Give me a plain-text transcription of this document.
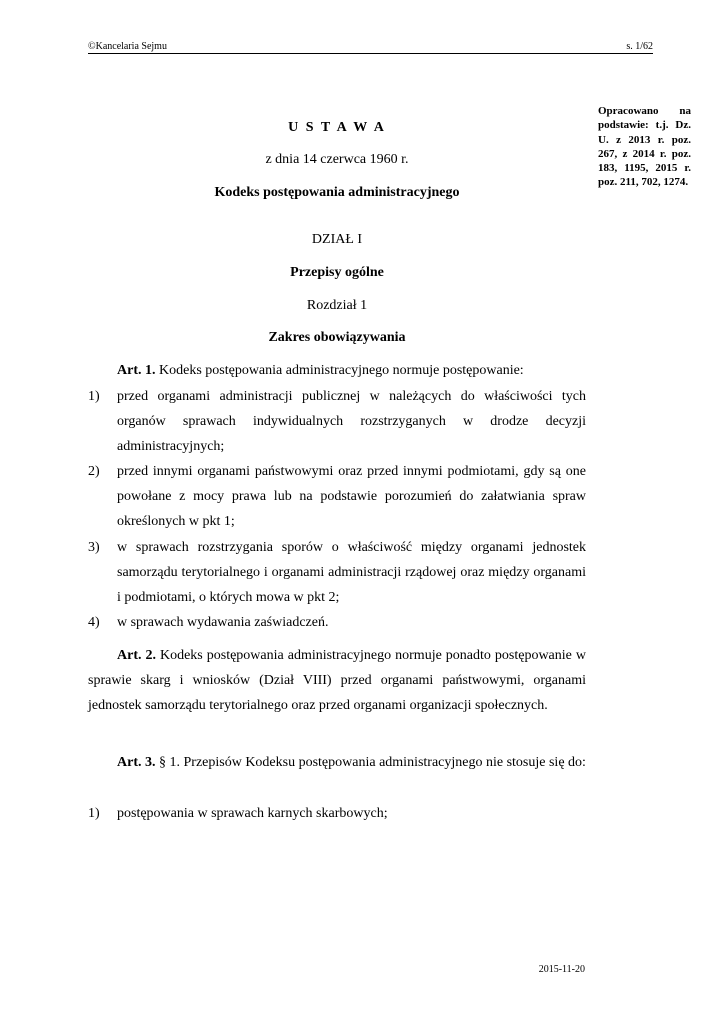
©Kancelaria Sejmu	s. 1/62
Opracowano na podstawie: t.j. Dz. U. z 2013 r. poz. 267, z 2014 r. poz. 183, 1195, 2015 r. poz. 211, 702, 1274.
U S T A W A
z dnia 14 czerwca 1960 r.
Kodeks postępowania administracyjnego
DZIAŁ I
Przepisy ogólne
Rozdział 1
Zakres obowiązywania
Art. 1. Kodeks postępowania administracyjnego normuje postępowanie:
1) przed organami administracji publicznej w należących do właściwości tych organów sprawach indywidualnych rozstrzyganych w drodze decyzji administracyjnych;
2) przed innymi organami państwowymi oraz przed innymi podmiotami, gdy są one powołane z mocy prawa lub na podstawie porozumień do załatwiania spraw określonych w pkt 1;
3) w sprawach rozstrzygania sporów o właściwość między organami jednostek samorządu terytorialnego i organami administracji rządowej oraz między organami i podmiotami, o których mowa w pkt 2;
4) w sprawach wydawania zaświadczeń.
Art. 2. Kodeks postępowania administracyjnego normuje ponadto postępowanie w sprawie skarg i wniosków (Dział VIII) przed organami państwowymi, organami jednostek samorządu terytorialnego oraz przed organami organizacji społecznych.
Art. 3. § 1. Przepisów Kodeksu postępowania administracyjnego nie stosuje się do:
1) postępowania w sprawach karnych skarbowych;
2015-11-20
